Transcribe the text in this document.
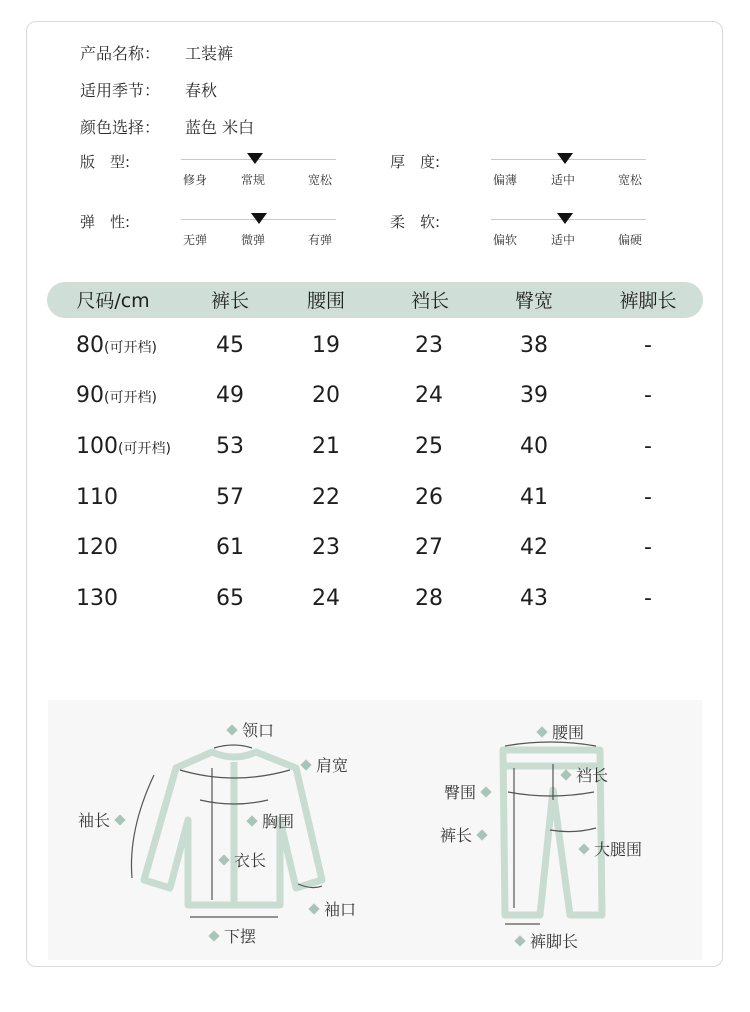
产品名称： 工装裤
适用季节： 春秋
颜色选择： 蓝色 米白
版　型:
修身	常规	宽松
厚　度:
偏薄	适中	宽松
弹　性:
无弹	微弹	有弹
柔　软:
偏软	适中	偏硬
尺码/cm	裤长	腰围	裆长	臀宽	裤脚长
80(可开档)	45	19	23	38	-
90(可开档)	49	20	24	39	-
100(可开档)	53	21	25	40	-
110	57	22	26	41	-
120	61	23	27	42	-
130	65	24	28	43	-
领口
肩宽
袖长	胸围
衣长
袖口
下摆
腰围
臀围
裆长
裤长
大腿围
裤脚长
